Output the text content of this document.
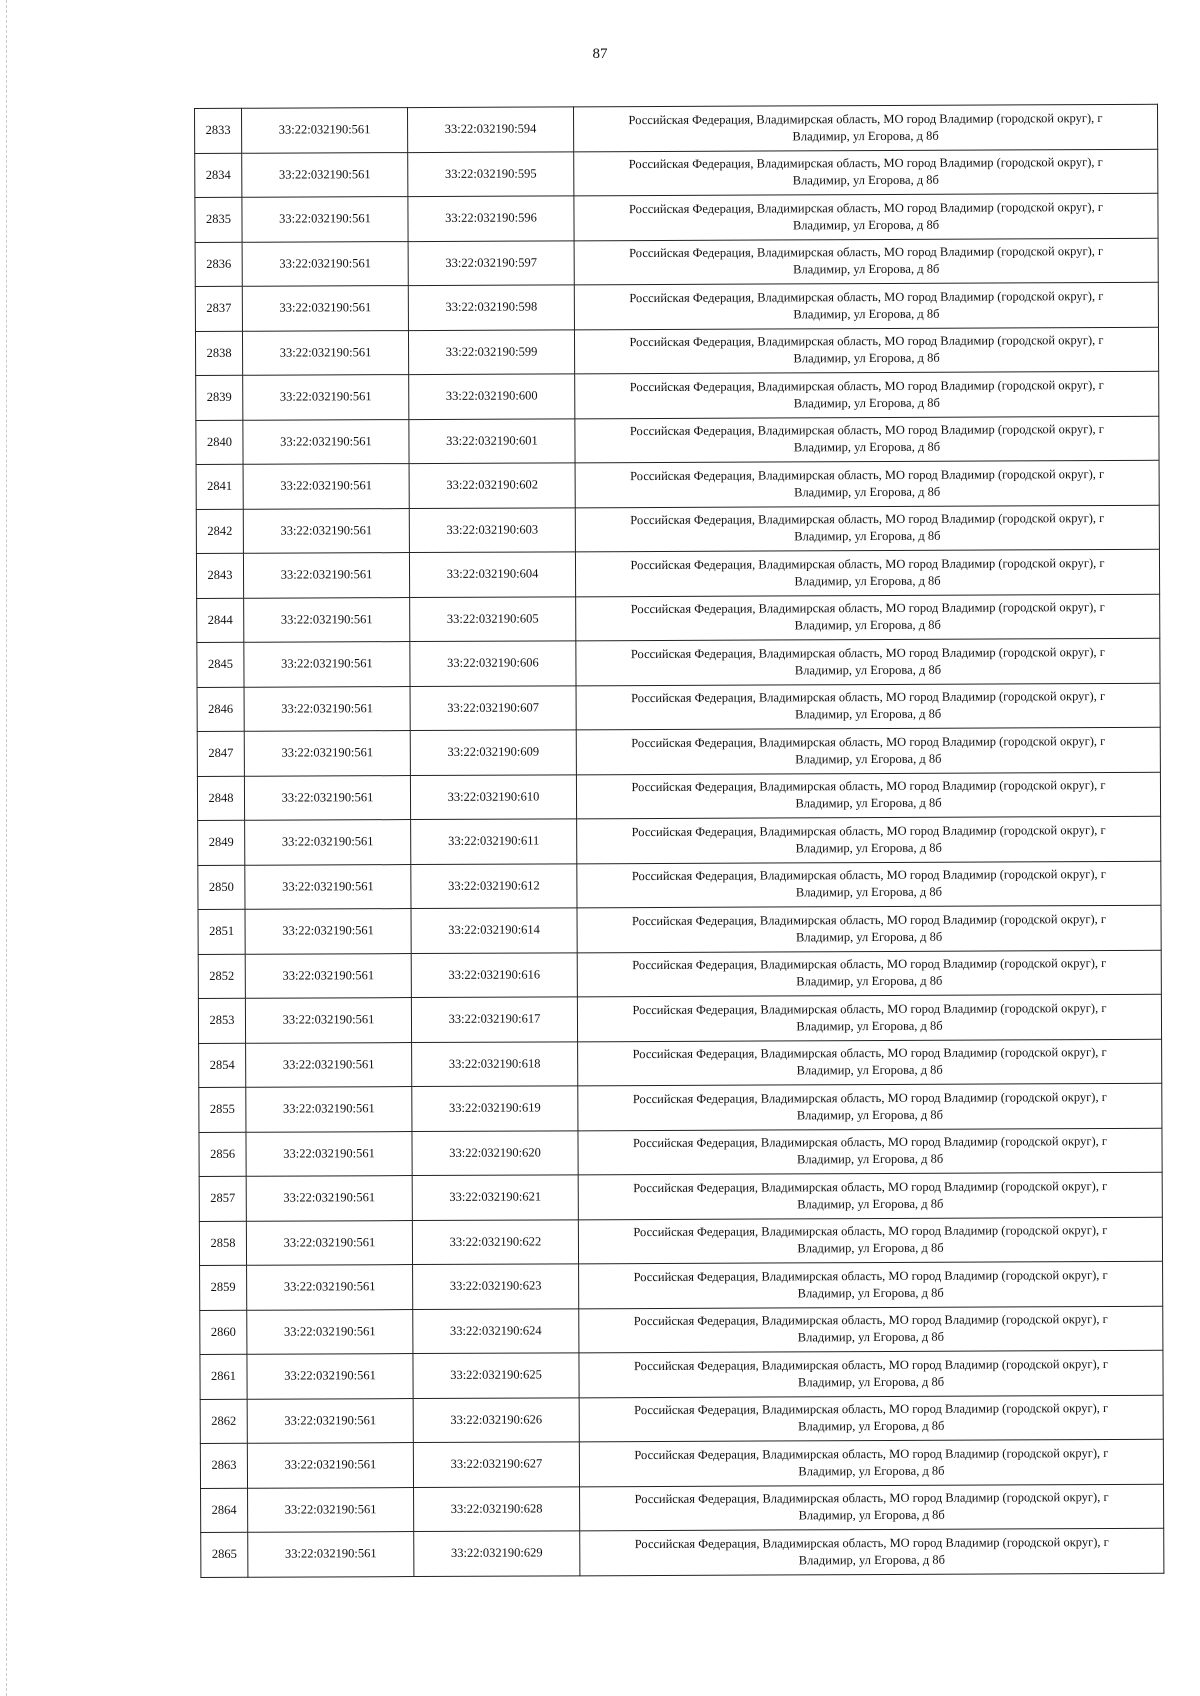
87
2833	33:22:032190:561	33:22:032190:594	Российская Федерация, Владимирская область, МО город Владимир (городской округ), г
Владимир, ул Егорова, д 8б

2834	33:22:032190:561	33:22:032190:595	Российская Федерация, Владимирская область, МО город Владимир (городской округ), г
Владимир, ул Егорова, д 8б

2835	33:22:032190:561	33:22:032190:596	Российская Федерация, Владимирская область, МО город Владимир (городской округ), г
Владимир, ул Егорова, д 8б

2836	33:22:032190:561	33:22:032190:597	Российская Федерация, Владимирская область, МО город Владимир (городской округ), г
Владимир, ул Егорова, д 8б

2837	33:22:032190:561	33:22:032190:598	Российская Федерация, Владимирская область, МО город Владимир (городской округ), г
Владимир, ул Егорова, д 8б

2838	33:22:032190:561	33:22:032190:599	Российская Федерация, Владимирская область, МО город Владимир (городской округ), г
Владимир, ул Егорова, д 8б

2839	33:22:032190:561	33:22:032190:600	Российская Федерация, Владимирская область, МО город Владимир (городской округ), г
Владимир, ул Егорова, д 8б

2840	33:22:032190:561	33:22:032190:601	Российская Федерация, Владимирская область, МО город Владимир (городской округ), г
Владимир, ул Егорова, д 8б

2841	33:22:032190:561	33:22:032190:602	Российская Федерация, Владимирская область, МО город Владимир (городской округ), г
Владимир, ул Егорова, д 8б

2842	33:22:032190:561	33:22:032190:603	Российская Федерация, Владимирская область, МО город Владимир (городской округ), г
Владимир, ул Егорова, д 8б

2843	33:22:032190:561	33:22:032190:604	Российская Федерация, Владимирская область, МО город Владимир (городской округ), г
Владимир, ул Егорова, д 8б

2844	33:22:032190:561	33:22:032190:605	Российская Федерация, Владимирская область, МО город Владимир (городской округ), г
Владимир, ул Егорова, д 8б

2845	33:22:032190:561	33:22:032190:606	Российская Федерация, Владимирская область, МО город Владимир (городской округ), г
Владимир, ул Егорова, д 8б

2846	33:22:032190:561	33:22:032190:607	Российская Федерация, Владимирская область, МО город Владимир (городской округ), г
Владимир, ул Егорова, д 8б

2847	33:22:032190:561	33:22:032190:609	Российская Федерация, Владимирская область, МО город Владимир (городской округ), г
Владимир, ул Егорова, д 8б

2848	33:22:032190:561	33:22:032190:610	Российская Федерация, Владимирская область, МО город Владимир (городской округ), г
Владимир, ул Егорова, д 8б

2849	33:22:032190:561	33:22:032190:611	Российская Федерация, Владимирская область, МО город Владимир (городской округ), г
Владимир, ул Егорова, д 8б

2850	33:22:032190:561	33:22:032190:612	Российская Федерация, Владимирская область, МО город Владимир (городской округ), г
Владимир, ул Егорова, д 8б

2851	33:22:032190:561	33:22:032190:614	Российская Федерация, Владимирская область, МО город Владимир (городской округ), г
Владимир, ул Егорова, д 8б

2852	33:22:032190:561	33:22:032190:616	Российская Федерация, Владимирская область, МО город Владимир (городской округ), г
Владимир, ул Егорова, д 8б

2853	33:22:032190:561	33:22:032190:617	Российская Федерация, Владимирская область, МО город Владимир (городской округ), г
Владимир, ул Егорова, д 8б

2854	33:22:032190:561	33:22:032190:618	Российская Федерация, Владимирская область, МО город Владимир (городской округ), г
Владимир, ул Егорова, д 8б

2855	33:22:032190:561	33:22:032190:619	Российская Федерация, Владимирская область, МО город Владимир (городской округ), г
Владимир, ул Егорова, д 8б

2856	33:22:032190:561	33:22:032190:620	Российская Федерация, Владимирская область, МО город Владимир (городской округ), г
Владимир, ул Егорова, д 8б

2857	33:22:032190:561	33:22:032190:621	Российская Федерация, Владимирская область, МО город Владимир (городской округ), г
Владимир, ул Егорова, д 8б

2858	33:22:032190:561	33:22:032190:622	Российская Федерация, Владимирская область, МО город Владимир (городской округ), г
Владимир, ул Егорова, д 8б

2859	33:22:032190:561	33:22:032190:623	Российская Федерация, Владимирская область, МО город Владимир (городской округ), г
Владимир, ул Егорова, д 8б

2860	33:22:032190:561	33:22:032190:624	Российская Федерация, Владимирская область, МО город Владимир (городской округ), г
Владимир, ул Егорова, д 8б

2861	33:22:032190:561	33:22:032190:625	Российская Федерация, Владимирская область, МО город Владимир (городской округ), г
Владимир, ул Егорова, д 8б

2862	33:22:032190:561	33:22:032190:626	Российская Федерация, Владимирская область, МО город Владимир (городской округ), г
Владимир, ул Егорова, д 8б

2863	33:22:032190:561	33:22:032190:627	Российская Федерация, Владимирская область, МО город Владимир (городской округ), г
Владимир, ул Егорова, д 8б

2864	33:22:032190:561	33:22:032190:628	Российская Федерация, Владимирская область, МО город Владимир (городской округ), г
Владимир, ул Егорова, д 8б

2865	33:22:032190:561	33:22:032190:629	Российская Федерация, Владимирская область, МО город Владимир (городской округ), г
Владимир, ул Егорова, д 8б
